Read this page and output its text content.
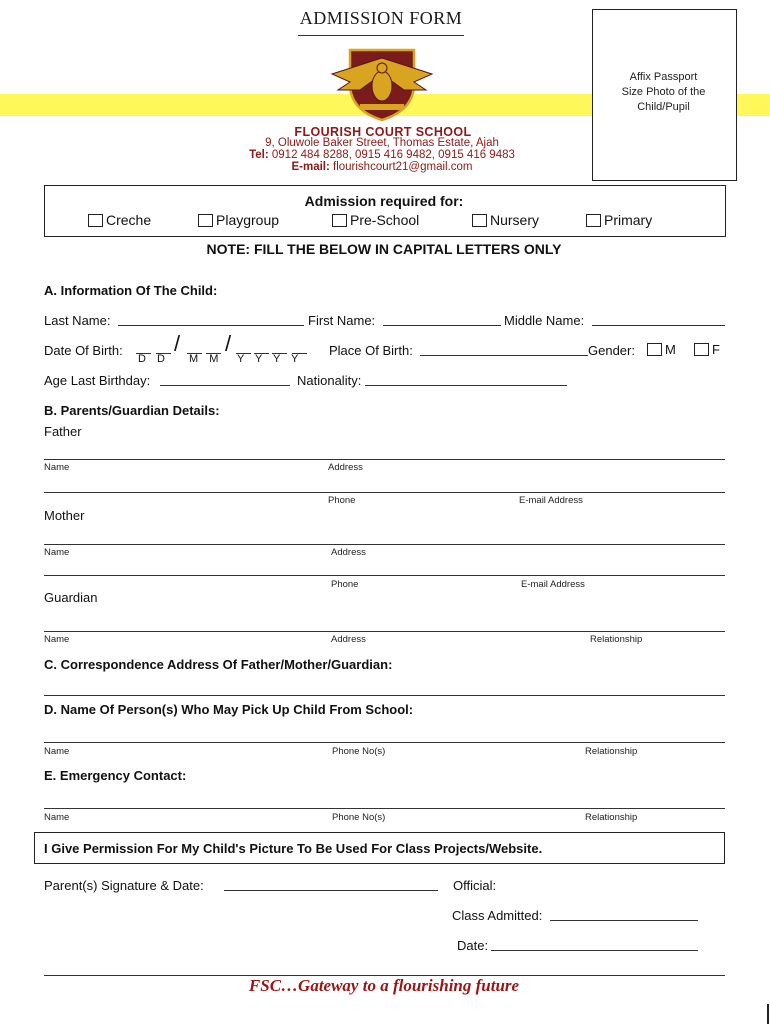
ADMISSION FORM
Affix Passport
Size Photo of the
Child/Pupil
FLOURISH COURT SCHOOL
9, Oluwole Baker Street, Thomas Estate, Ajah
Tel: 0912 484 8288, 0915 416 9482, 0915 416 9483
E-mail: flourishcourt21@gmail.com
Admission required for:
Creche	Playgroup	Pre-School	Nursery	Primary
NOTE: FILL THE BELOW IN CAPITAL LETTERS ONLY
A. Information Of The Child:
Last Name:	First Name:	Middle Name:
Date Of Birth: / /
D D M M Y Y Y Y
Place Of Birth:	Gender: M	F
Age Last Birthday:	Nationality:
B. Parents/Guardian Details:
Father
Name	Address
Phone	E-mail Address
Mother
Name	Address
Phone	E-mail Address
Guardian
Name	Address	Relationship
C. Correspondence Address Of Father/Mother/Guardian:
D. Name Of Person(s) Who May Pick Up Child From School:
Name	Phone No(s)	Relationship
E. Emergency Contact:
Name	Phone No(s)	Relationship
I Give Permission For My Child's Picture To Be Used For Class Projects/Website.
Parent(s) Signature & Date:	Official:
Class Admitted:
Date:
FSC…Gateway to a flourishing future
